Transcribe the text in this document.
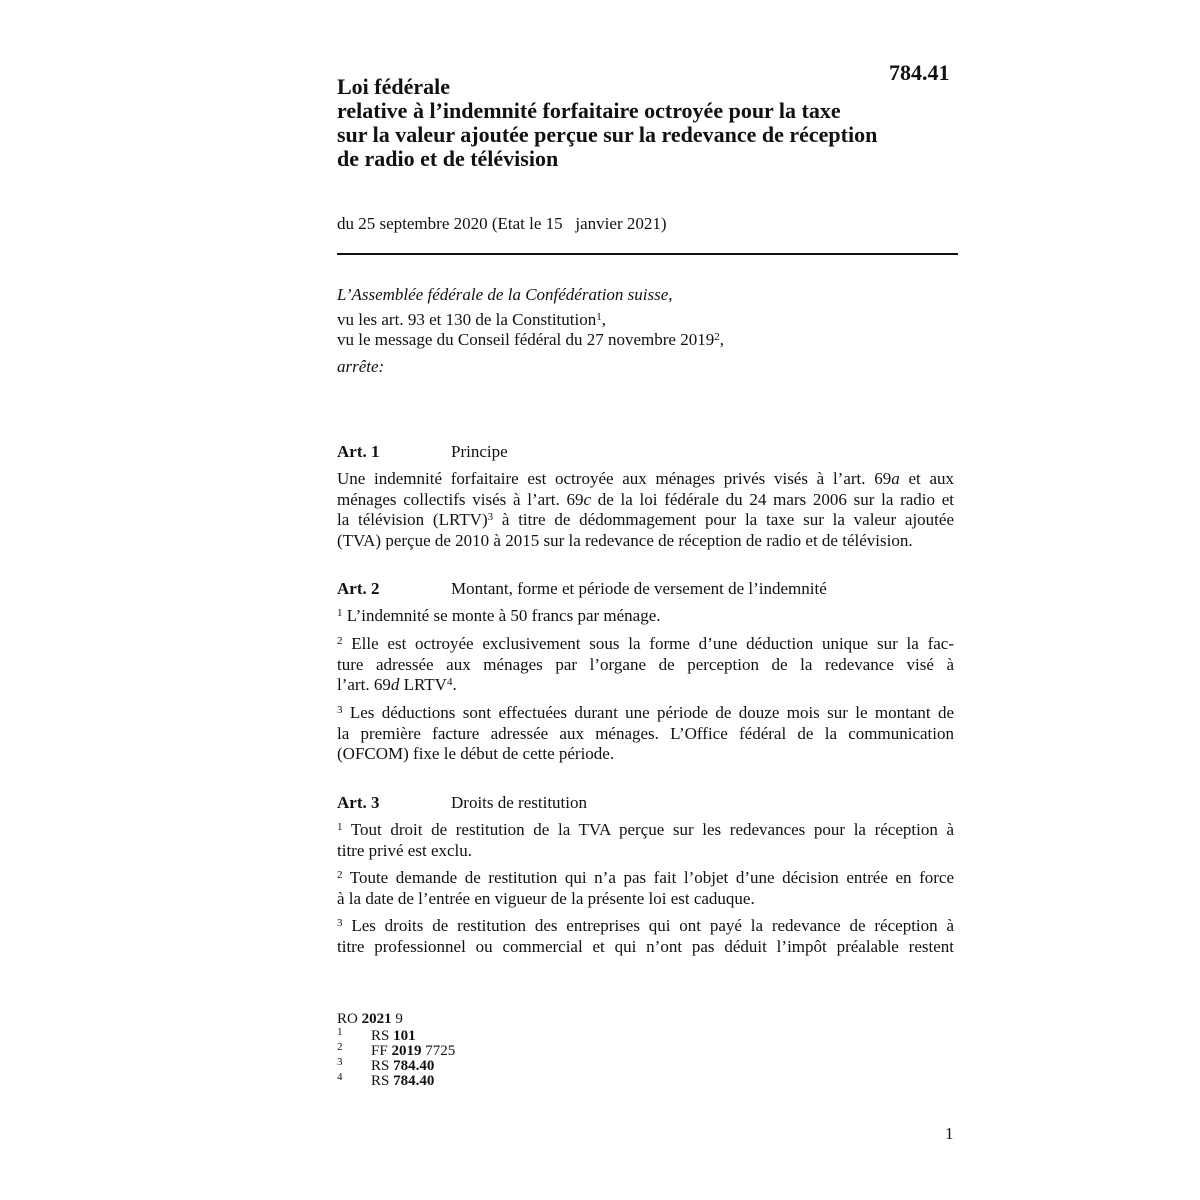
784.41
Loi fédérale
relative à l’indemnité forfaitaire octroyée pour la taxe
sur la valeur ajoutée perçue sur la redevance de réception
de radio et de télévision
du 25 septembre 2020 (Etat le 15   janvier 2021)
L’Assemblée fédérale de la Confédération suisse,
vu les art. 93 et 130 de la Constitution$^1$,
vu le message du Conseil fédéral du 27 novembre 2019$^2$,
arrête:
Art. 1	Principe
Une indemnité forfaitaire est octroyée aux ménages privés visés à l’art. 69a et aux
ménages collectifs visés à l’art. 69c de la loi fédérale du 24 mars 2006 sur la radio et
la télévision (LRTV)$^3$ à titre de dédommagement pour la taxe sur la valeur ajoutée
(TVA) perçue de 2010 à 2015 sur la redevance de réception de radio et de télévision.
Art. 2	Montant, forme et période de versement de l’indemnité
$^1$ L’indemnité se monte à 50 francs par ménage.
$^2$ Elle est octroyée exclusivement sous la forme d’une déduction unique sur la fac-
ture adressée aux ménages par l’organe de perception de la redevance visé à
l’art. 69d LRTV$^4$.
$^3$ Les déductions sont effectuées durant une période de douze mois sur le montant de
la première facture adressée aux ménages. L’Office fédéral de la communication
(OFCOM) fixe le début de cette période.
Art. 3	Droits de restitution
$^1$ Tout droit de restitution de la TVA perçue sur les redevances pour la réception à
titre privé est exclu.
$^2$ Toute demande de restitution qui n’a pas fait l’objet d’une décision entrée en force
à la date de l’entrée en vigueur de la présente loi est caduque.
$^3$ Les droits de restitution des entreprises qui ont payé la redevance de réception à
titre professionnel ou commercial et qui n’ont pas déduit l’impôt préalable restent
RO 2021 9
1 RS 101
2 FF 2019 7725
3 RS 784.40
4 RS 784.40
1
